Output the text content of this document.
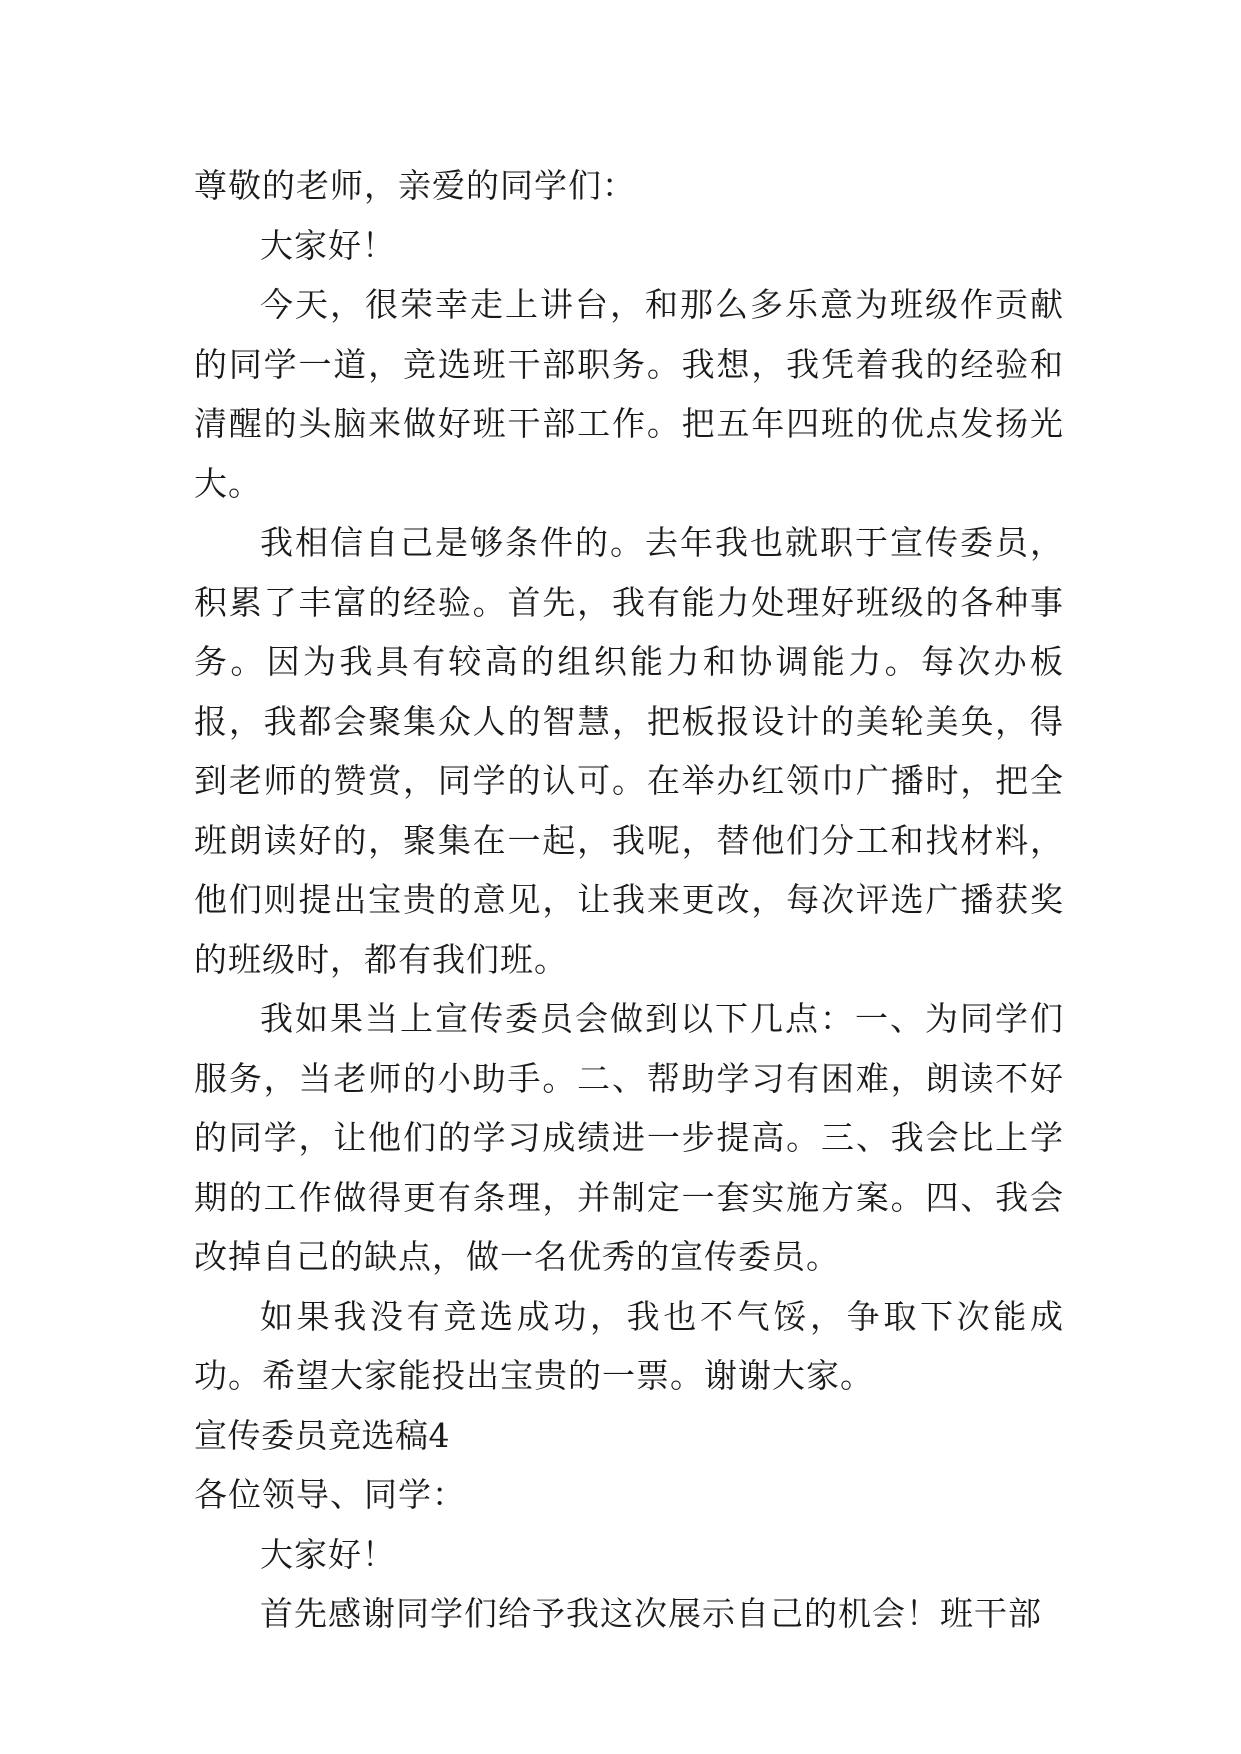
尊敬的老师，亲爱的同学们：

大家好！

今天，很荣幸走上讲台，和那么多乐意为班级作贡献的同学一道，竞选班干部职务。我想，我凭着我的经验和清醒的头脑来做好班干部工作。把五年四班的优点发扬光大。

我相信自己是够条件的。去年我也就职于宣传委员，积累了丰富的经验。首先，我有能力处理好班级的各种事务。因为我具有较高的组织能力和协调能力。每次办板报，我都会聚集众人的智慧，把板报设计的美轮美奂，得到老师的赞赏，同学的认可。在举办红领巾广播时，把全班朗读好的，聚集在一起，我呢，替他们分工和找材料，他们则提出宝贵的意见，让我来更改，每次评选广播获奖的班级时，都有我们班。

我如果当上宣传委员会做到以下几点：一、为同学们服务，当老师的小助手。二、帮助学习有困难，朗读不好的同学，让他们的学习成绩进一步提高。三、我会比上学期的工作做得更有条理，并制定一套实施方案。四、我会改掉自己的缺点，做一名优秀的宣传委员。

如果我没有竞选成功，我也不气馁，争取下次能成功。希望大家能投出宝贵的一票。谢谢大家。

宣传委员竞选稿4

各位领导、同学：

大家好！

首先感谢同学们给予我这次展示自己的机会！班干部
